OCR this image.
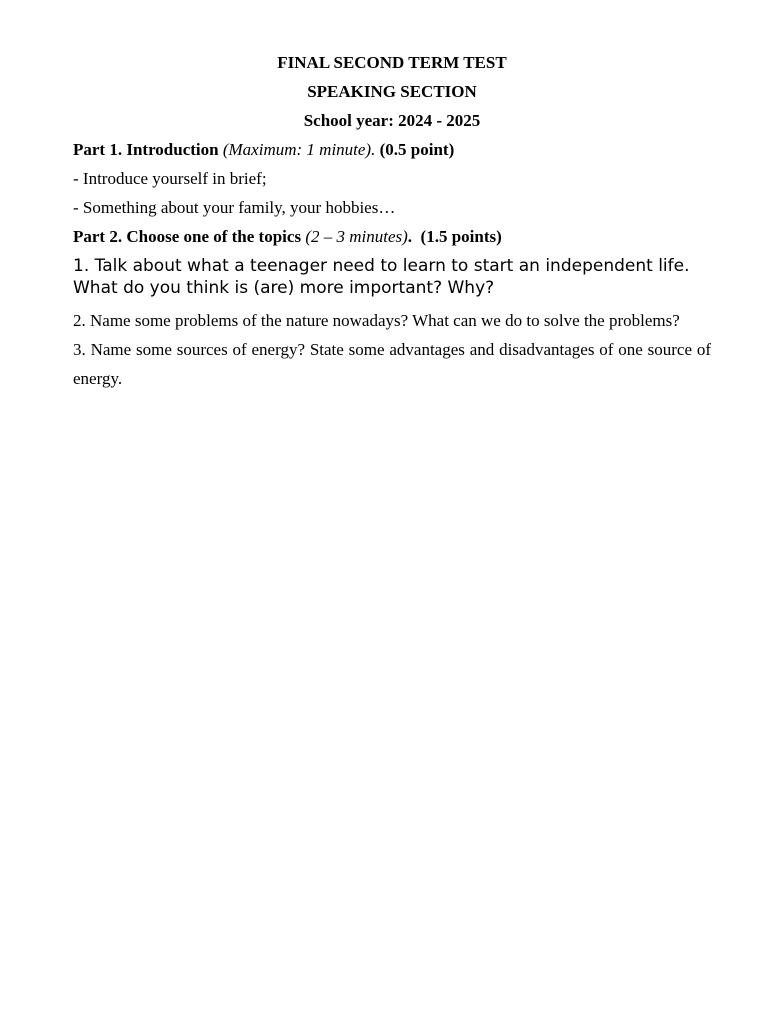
FINAL SECOND TERM TEST

SPEAKING SECTION

School year: 2024 - 2025

Part 1. Introduction (Maximum: 1 minute). (0.5 point)

- Introduce yourself in brief;

- Something about your family, your hobbies…

Part 2. Choose one of the topics (2 – 3 minutes). (1.5 points)

1. Talk about what a teenager need to learn to start an independent life. What do you think is (are) more important? Why?

2. Name some problems of the nature nowadays? What can we do to solve the problems?

3. Name some sources of energy? State some advantages and disadvantages of one source of energy.
